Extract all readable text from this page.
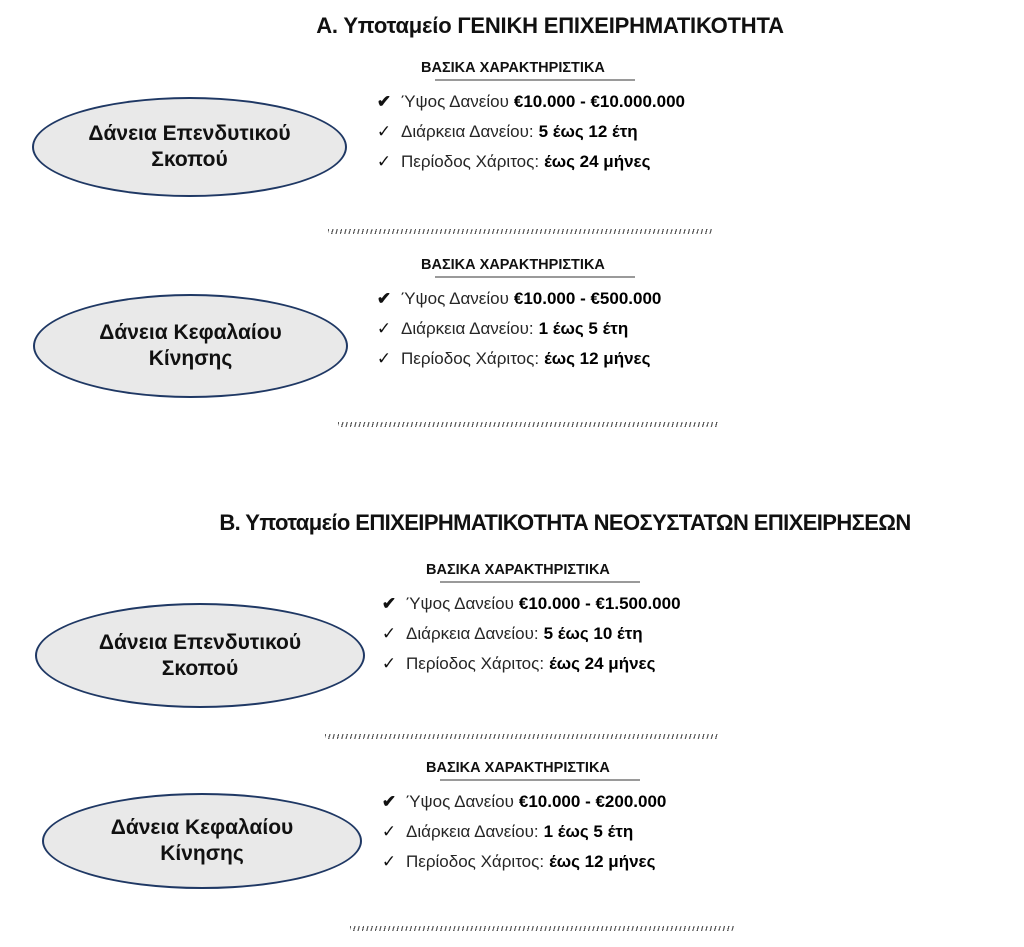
Α. Υποταμείο ΓΕΝΙΚΗ ΕΠΙΧΕΙΡΗΜΑΤΙΚΟΤΗΤΑ
Δάνεια Επενδυτικού Σκοπού
ΒΑΣΙΚΑ ΧΑΡΑΚΤΗΡΙΣΤΙΚΑ
✔ Ύψος Δανείου €10.000 - €10.000.000
✓ Διάρκεια Δανείου: 5 έως 12 έτη
✓ Περίοδος Χάριτος: έως 24 μήνες
Δάνεια Κεφαλαίου Κίνησης
ΒΑΣΙΚΑ ΧΑΡΑΚΤΗΡΙΣΤΙΚΑ
✔ Ύψος Δανείου €10.000 - €500.000
✓ Διάρκεια Δανείου: 1 έως 5 έτη
✓ Περίοδος Χάριτος: έως 12 μήνες
Β. Υποταμείο ΕΠΙΧΕΙΡΗΜΑΤΙΚΟΤΗΤΑ ΝΕΟΣΥΣΤΑΤΩΝ ΕΠΙΧΕΙΡΗΣΕΩΝ
Δάνεια Επενδυτικού Σκοπού
ΒΑΣΙΚΑ ΧΑΡΑΚΤΗΡΙΣΤΙΚΑ
✔ Ύψος Δανείου €10.000 - €1.500.000
✓ Διάρκεια Δανείου: 5 έως 10 έτη
✓ Περίοδος Χάριτος: έως 24 μήνες
Δάνεια Κεφαλαίου Κίνησης
ΒΑΣΙΚΑ ΧΑΡΑΚΤΗΡΙΣΤΙΚΑ
✔ Ύψος Δανείου €10.000 - €200.000
✓ Διάρκεια Δανείου: 1 έως 5 έτη
✓ Περίοδος Χάριτος: έως 12 μήνες
